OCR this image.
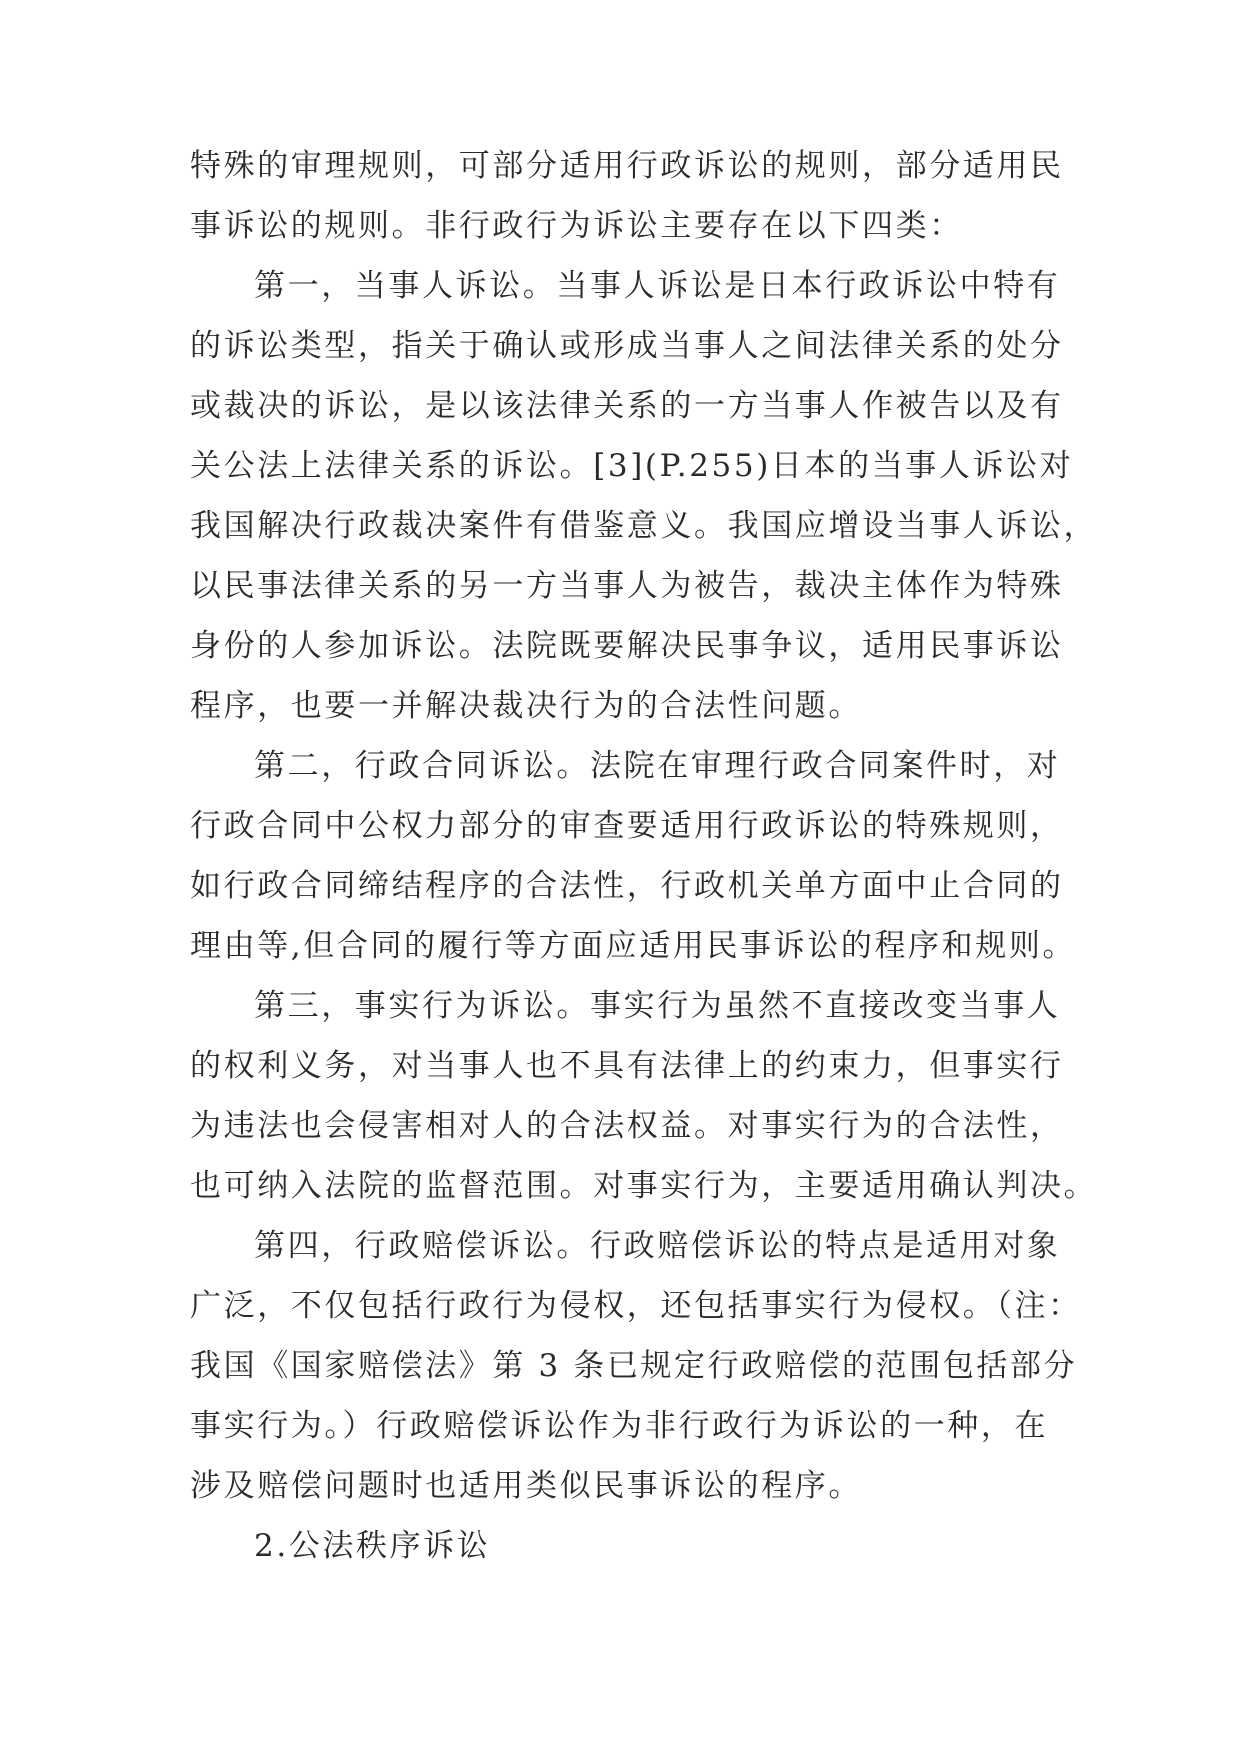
特殊的审理规则，可部分适用行政诉讼的规则，部分适用民
事诉讼的规则。非行政行为诉讼主要存在以下四类：
第一，当事人诉讼。当事人诉讼是日本行政诉讼中特有
的诉讼类型，指关于确认或形成当事人之间法律关系的处分
或裁决的诉讼，是以该法律关系的一方当事人作被告以及有
关公法上法律关系的诉讼。[3](P.255)日本的当事人诉讼对
我国解决行政裁决案件有借鉴意义。我国应增设当事人诉讼，
以民事法律关系的另一方当事人为被告，裁决主体作为特殊
身份的人参加诉讼。法院既要解决民事争议，适用民事诉讼
程序，也要一并解决裁决行为的合法性问题。
第二，行政合同诉讼。法院在审理行政合同案件时，对
行政合同中公权力部分的审查要适用行政诉讼的特殊规则，
如行政合同缔结程序的合法性，行政机关单方面中止合同的
理由等,但合同的履行等方面应适用民事诉讼的程序和规则。
第三，事实行为诉讼。事实行为虽然不直接改变当事人
的权利义务，对当事人也不具有法律上的约束力，但事实行
为违法也会侵害相对人的合法权益。对事实行为的合法性，
也可纳入法院的监督范围。对事实行为，主要适用确认判决。
第四，行政赔偿诉讼。行政赔偿诉讼的特点是适用对象
广泛，不仅包括行政行为侵权，还包括事实行为侵权。（注：
我国《国家赔偿法》第 3 条已规定行政赔偿的范围包括部分
事实行为。）行政赔偿诉讼作为非行政行为诉讼的一种，在
涉及赔偿问题时也适用类似民事诉讼的程序。
2.公法秩序诉讼
